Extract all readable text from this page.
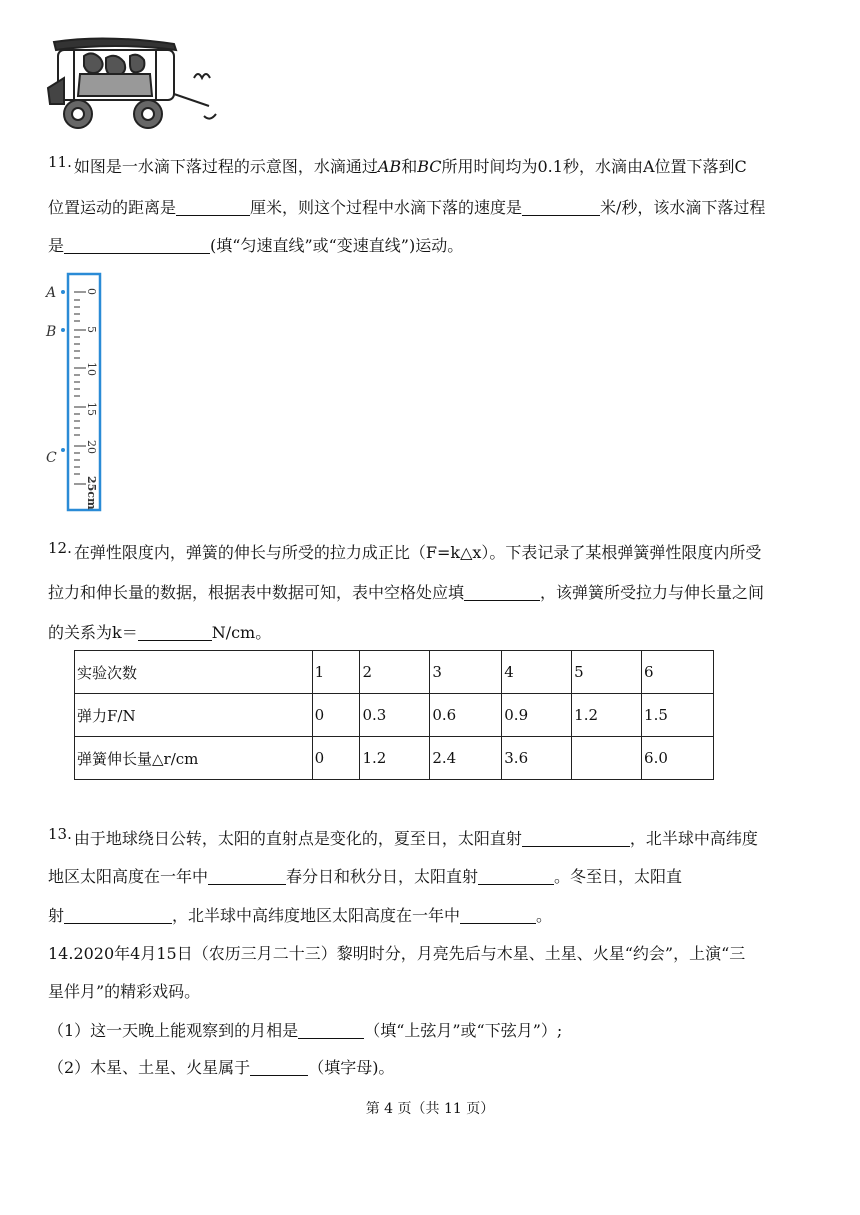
11. 如图是一水滴下落过程的示意图，水滴通过AB和BC所用时间均为0.1秒，水滴由A位置下落到C
位置运动的距离是	厘米，则这个过程中水滴下落的速度是	米/秒，该水滴下落过程
是	(填“匀速直线”或“变速直线”)运动。
0
5
10
15
20
25cm
A
B
C
12. 在弹性限度内，弹簧的伸长与所受的拉力成正比（F=k△x）。下表记录了某根弹簧弹性限度内所受
拉力和伸长量的数据，根据表中数据可知，表中空格处应填	，该弹簧所受拉力与伸长量之间
的关系为k＝	N/cm。
实验次数	1	2	3	4	5	6
弹力F/N	0	0.3	0.6	0.9	1.2	1.5
弹簧伸长量△r/cm	0	1.2	2.4	3.6		6.0
13. 由于地球绕日公转，太阳的直射点是变化的，夏至日，太阳直射	，北半球中高纬度
地区太阳高度在一年中	春分日和秋分日，太阳直射	。冬至日，太阳直
射	，北半球中高纬度地区太阳高度在一年中	。
14.2020年4月15日（农历三月二十三）黎明时分，月亮先后与木星、土星、火星“约会”，上演“三
星伴月”的精彩戏码。
（1）这一天晚上能观察到的月相是	（填“上弦月”或“下弦月”）;
（2）木星、土星、火星属于	（填字母)。
第 4 页（共 11 页）
